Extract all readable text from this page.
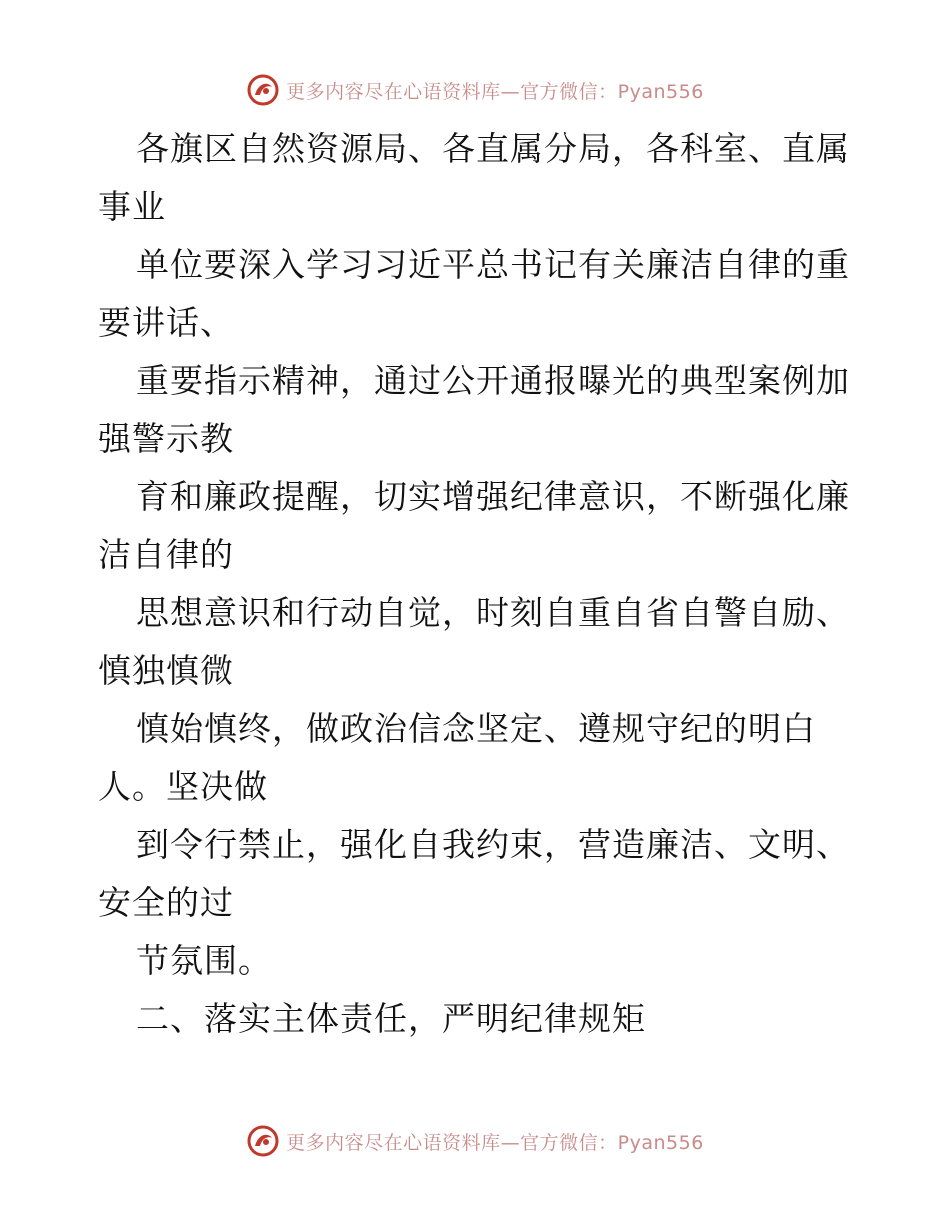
更多内容尽在心语资料库—官方微信：Pyan556
各旗区自然资源局、各直属分局，各科室、直属
事业
单位要深入学习习近平总书记有关廉洁自律的重
要讲话、
重要指示精神，通过公开通报曝光的典型案例加
强警示教
育和廉政提醒，切实增强纪律意识，不断强化廉
洁自律的
思想意识和行动自觉，时刻自重自省自警自励、
慎独慎微
慎始慎终，做政治信念坚定、遵规守纪的明白
人。坚决做
到令行禁止，强化自我约束，营造廉洁、文明、
安全的过
节氛围。
二、落实主体责任，严明纪律规矩
更多内容尽在心语资料库—官方微信：Pyan556
